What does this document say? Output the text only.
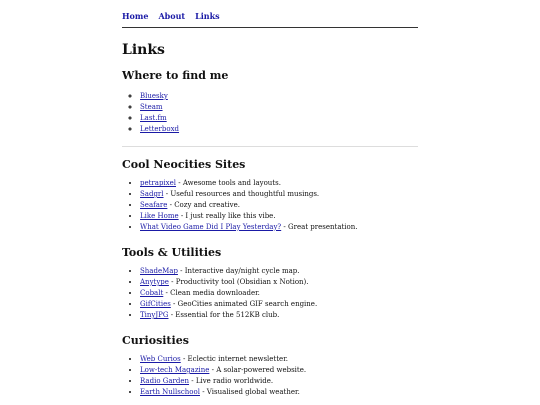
Home About Links
Links
Where to find me
◦ Bluesky
◦ Steam
◦ Last.fm
◦ Letterboxd
Cool Neocities Sites
• petrapixel - Awesome tools and layouts.
• Sadgrl - Useful resources and thoughtful musings.
• Seafare - Cozy and creative.
• Like Home - I just really like this vibe.
• What Video Game Did I Play Yesterday? - Great presentation.
Tools & Utilities
• ShadeMap - Interactive day/night cycle map.
• Anytype - Productivity tool (Obsidian x Notion).
• Cobalt - Clean media downloader.
• GifCities - GeoCities animated GIF search engine.
• TinyJPG - Essential for the 512KB club.
Curiosities
• Web Curios - Eclectic internet newsletter.
• Low-tech Magazine - A solar-powered website.
• Radio Garden - Live radio worldwide.
• Earth Nullschool - Visualised global weather.
